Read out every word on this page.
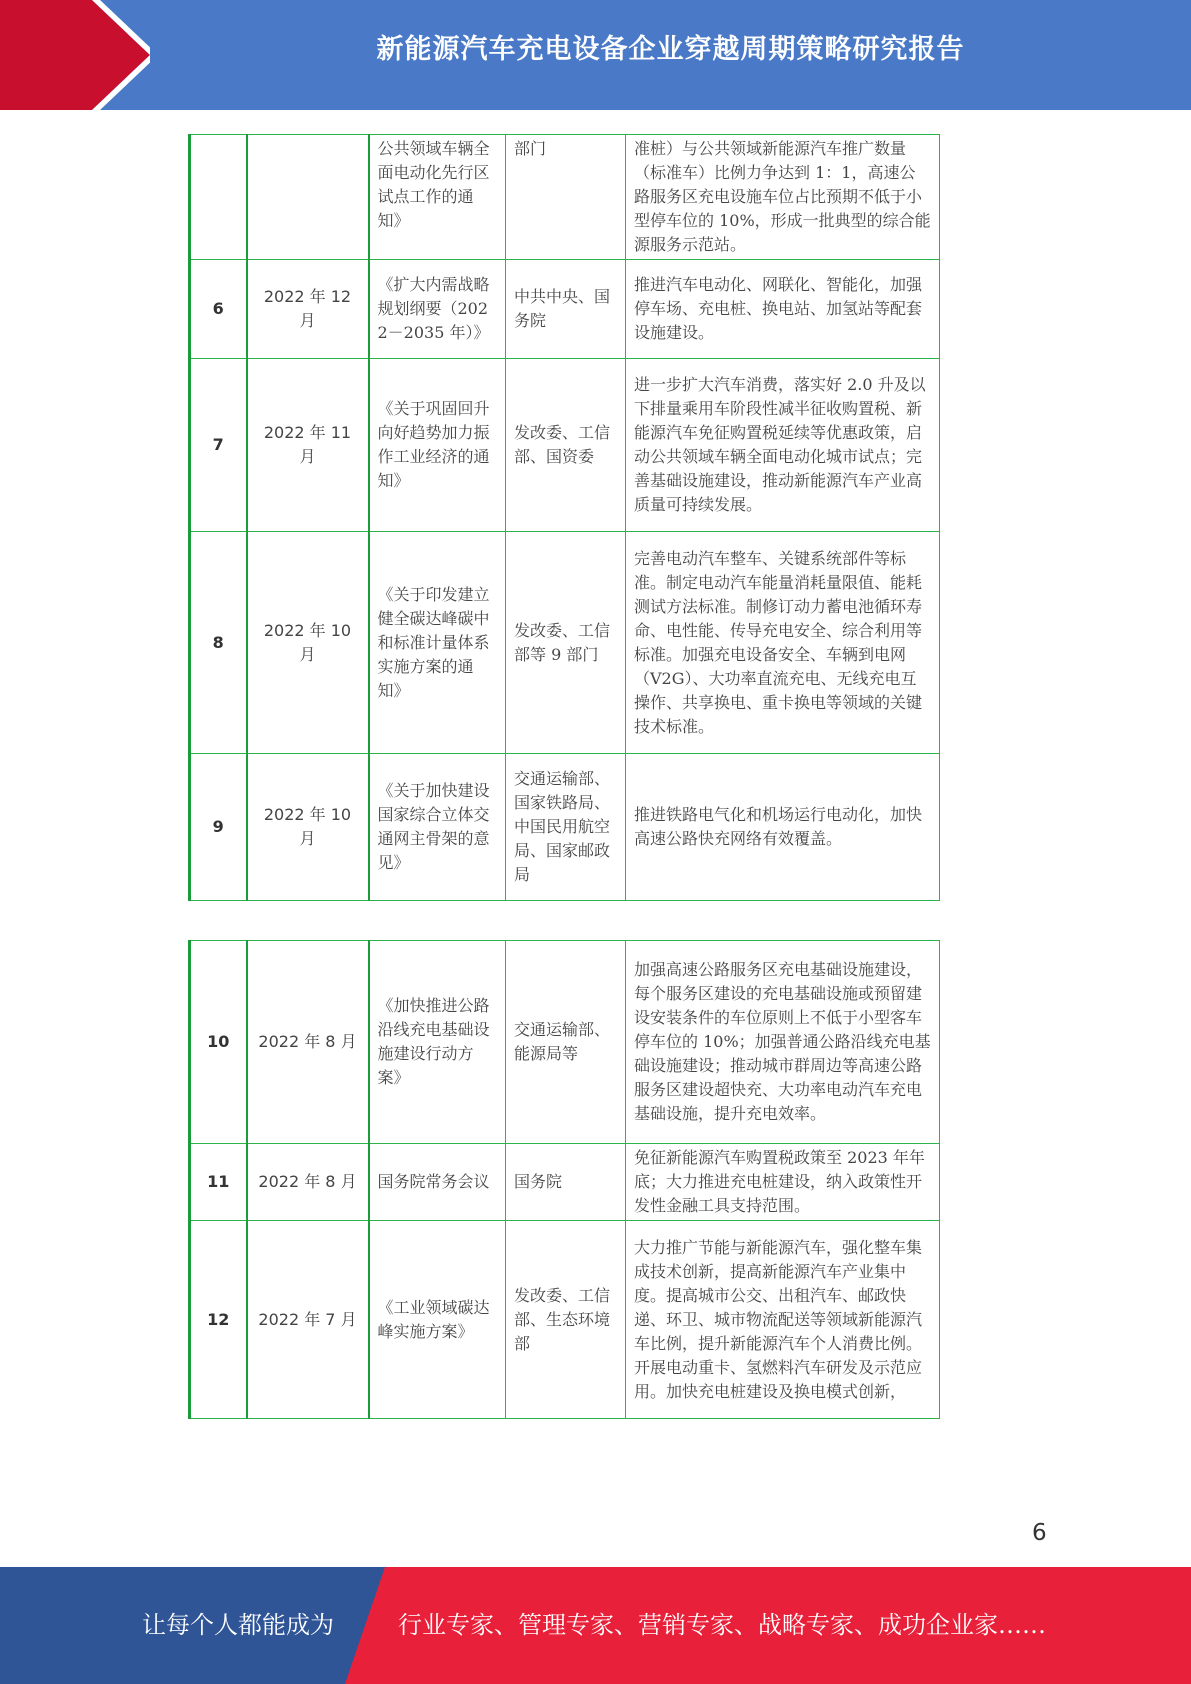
新能源汽车充电设备企业穿越周期策略研究报告
		公共领域车辆全面电动化先行区试点工作的通知》	部门	准桩）与公共领域新能源汽车推广数量（标准车）比例力争达到 1：1，高速公路服务区充电设施车位占比预期不低于小型停车位的 10%，形成一批典型的综合能源服务示范站。
6	2022 年 12 月	《扩大内需战略规划纲要（2022－2035 年）》	中共中央、国务院	推进汽车电动化、网联化、智能化，加强停车场、充电桩、换电站、加氢站等配套设施建设。
7	2022 年 11 月	《关于巩固回升向好趋势加力振作工业经济的通知》	发改委、工信部、国资委	进一步扩大汽车消费，落实好 2.0 升及以下排量乘用车阶段性减半征收购置税、新能源汽车免征购置税延续等优惠政策，启动公共领域车辆全面电动化城市试点；完善基础设施建设，推动新能源汽车产业高质量可持续发展。
8	2022 年 10 月	《关于印发建立健全碳达峰碳中和标准计量体系实施方案的通知》	发改委、工信部等 9 部门	完善电动汽车整车、关键系统部件等标准。制定电动汽车能量消耗量限值、能耗测试方法标准。制修订动力蓄电池循环寿命、电性能、传导充电安全、综合利用等标准。加强充电设备安全、车辆到电网（V2G）、大功率直流充电、无线充电互操作、共享换电、重卡换电等领域的关键技术标准。
9	2022 年 10 月	《关于加快建设国家综合立体交通网主骨架的意见》	交通运输部、国家铁路局、中国民用航空局、国家邮政局	推进铁路电气化和机场运行电动化，加快高速公路快充网络有效覆盖。
10	2022 年 8 月	《加快推进公路沿线充电基础设施建设行动方案》	交通运输部、能源局等	加强高速公路服务区充电基础设施建设，每个服务区建设的充电基础设施或预留建设安装条件的车位原则上不低于小型客车停车位的 10%；加强普通公路沿线充电基础设施建设；推动城市群周边等高速公路服务区建设超快充、大功率电动汽车充电基础设施，提升充电效率。
11	2022 年 8 月	国务院常务会议	国务院	免征新能源汽车购置税政策至 2023 年年底；大力推进充电桩建设，纳入政策性开发性金融工具支持范围。
12	2022 年 7 月	《工业领域碳达峰实施方案》	发改委、工信部、生态环境部	大力推广节能与新能源汽车，强化整车集成技术创新，提高新能源汽车产业集中度。提高城市公交、出租汽车、邮政快递、环卫、城市物流配送等领域新能源汽车比例，提升新能源汽车个人消费比例。开展电动重卡、氢燃料汽车研发及示范应用。加快充电桩建设及换电模式创新，
6
让每个人都能成为	行业专家、管理专家、营销专家、战略专家、成功企业家……
